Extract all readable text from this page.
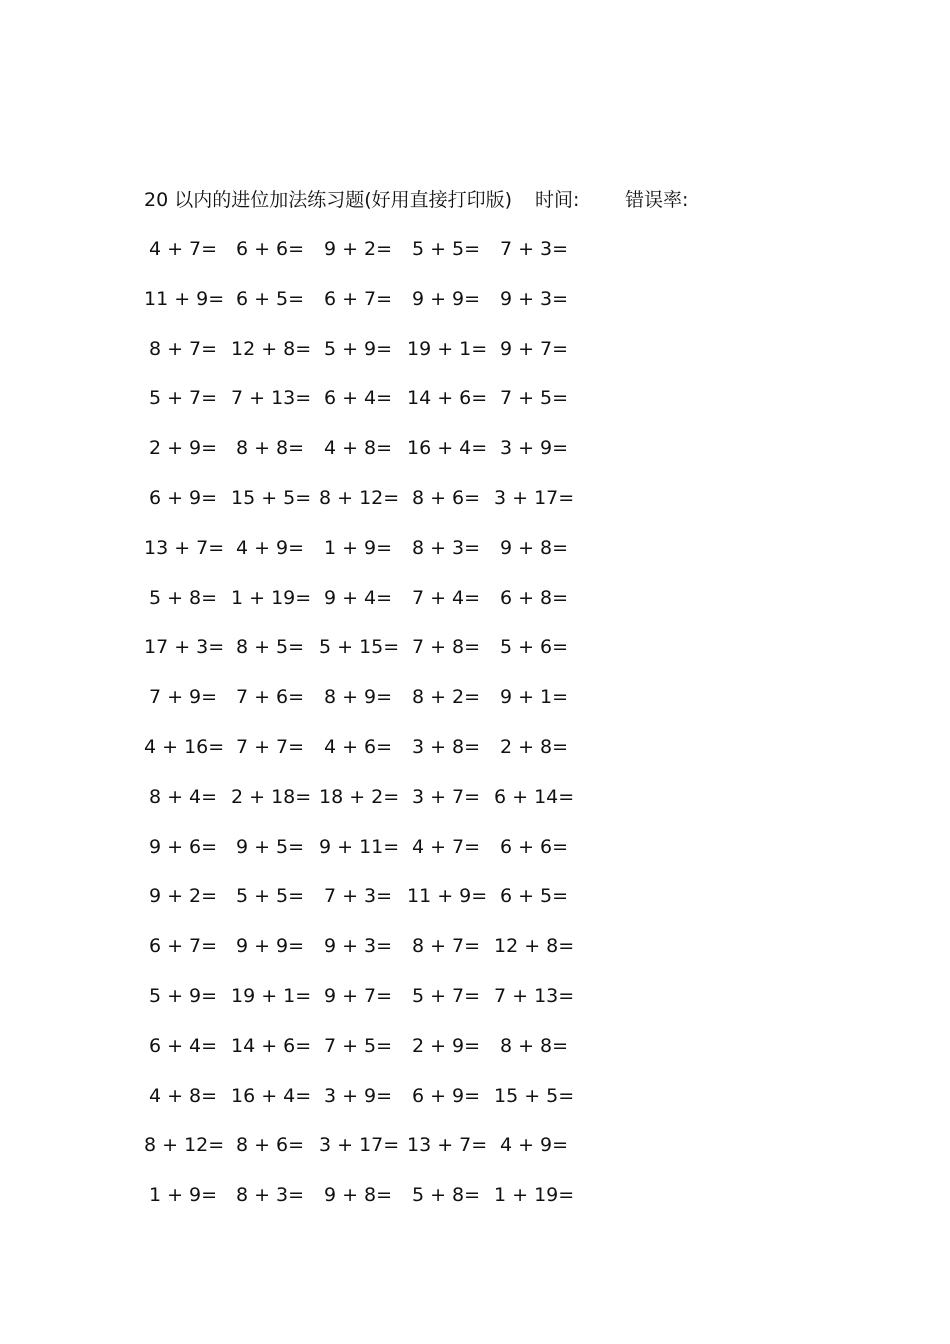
20 以内的进位加法练习题(好用直接打印版) 时间: 错误率:
4 + 7= 6 + 6= 9 + 2= 5 + 5=	7 + 3=
11 + 9= 6 + 5= 6 + 7= 9 + 9=	9 + 3=
8 + 7= 12 + 8= 5 + 9= 19 + 1= 9 + 7=
5 + 7= 7 + 13= 6 + 4= 14 + 6= 7 + 5=
2 + 9= 8 + 8= 4 + 8= 16 + 4= 3 + 9=
6 + 9= 15 + 5= 8 + 12= 8 + 6= 3 + 17=
13 + 7= 4 + 9= 1 + 9= 8 + 3=	9 + 8=
5 + 8= 1 + 19= 9 + 4= 7 + 4=	6 + 8=
17 + 3= 8 + 5= 5 + 15= 7 + 8=	5 + 6=
7 + 9= 7 + 6= 8 + 9= 8 + 2=	9 + 1=
4 + 16= 7 + 7= 4 + 6= 3 + 8=	2 + 8=
8 + 4= 2 + 18= 18 + 2= 3 + 7= 6 + 14=
9 + 6= 9 + 5= 9 + 11= 4 + 7=	6 + 6=
9 + 2= 5 + 5= 7 + 3= 11 + 9= 6 + 5=
6 + 7= 9 + 9= 9 + 3= 8 + 7= 12 + 8=
5 + 9= 19 + 1= 9 + 7= 5 + 7= 7 + 13=
6 + 4= 14 + 6= 7 + 5= 2 + 9=	8 + 8=
4 + 8= 16 + 4= 3 + 9= 6 + 9= 15 + 5=
8 + 12= 8 + 6= 3 + 17= 13 + 7= 4 + 9=
1 + 9= 8 + 3= 9 + 8= 5 + 8= 1 + 19=
